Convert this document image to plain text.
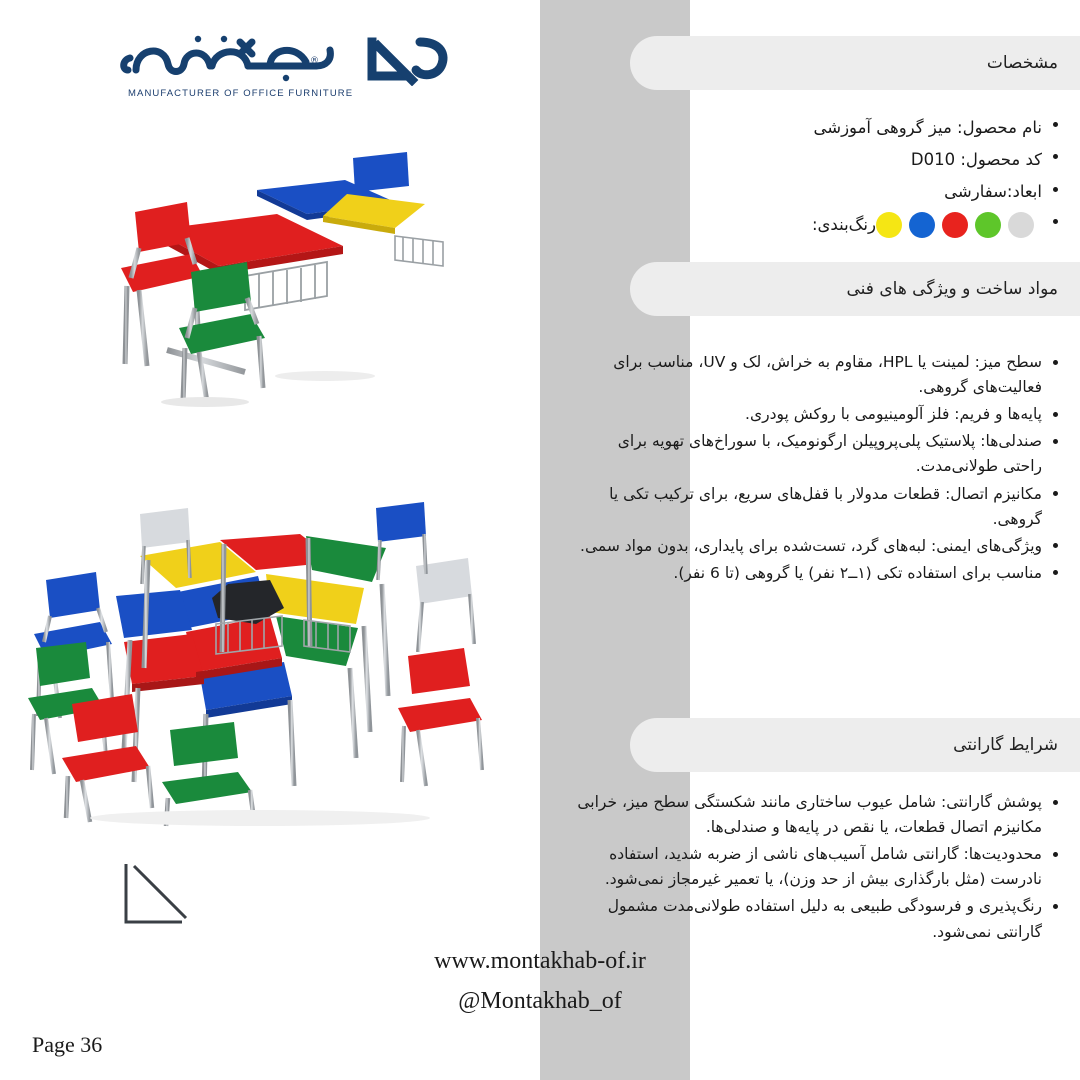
®
MANUFACTURER OF OFFICE FURNITURE
www.montakhab-of.ir
@Montakhab_of
Page 36
مشخصات
نام محصول: میز گروهی آموزشی
کد محصول: D010
ابعاد:سفارشی
رنگ‌بندی:
مواد ساخت و ویژگی های فنی
سطح میز: لمینت یا HPL، مقاوم به خراش، لک و UV، مناسب برای فعالیت‌های گروهی.
پایه‌ها و فریم: فلز آلومینیومی با روکش پودری.
صندلی‌ها: پلاستیک پلی‌پروپیلن ارگونومیک، با سوراخ‌های تهویه برای راحتی طولانی‌مدت.
مکانیزم اتصال: قطعات مدولار با قفل‌های سریع، برای ترکیب تکی یا گروهی.
ویژگی‌های ایمنی: لبه‌های گرد، تست‌شده برای پایداری، بدون مواد سمی.
مناسب برای استفاده تکی (۱ــ۲ نفر) یا گروهی (تا 6 نفر).
شرایط گارانتی
پوشش گارانتی: شامل عیوب ساختاری مانند شکستگی سطح میز، خرابی مکانیزم اتصال قطعات، یا نقص در پایه‌ها و صندلی‌ها.
محدودیت‌ها: گارانتی شامل آسیب‌های ناشی از ضربه شدید، استفاده نادرست (مثل بارگذاری بیش از حد وزن)، یا تعمیر غیرمجاز نمی‌شود.
رنگ‌پذیری و فرسودگی طبیعی به دلیل استفاده طولانی‌مدت مشمول گارانتی نمی‌شود.
